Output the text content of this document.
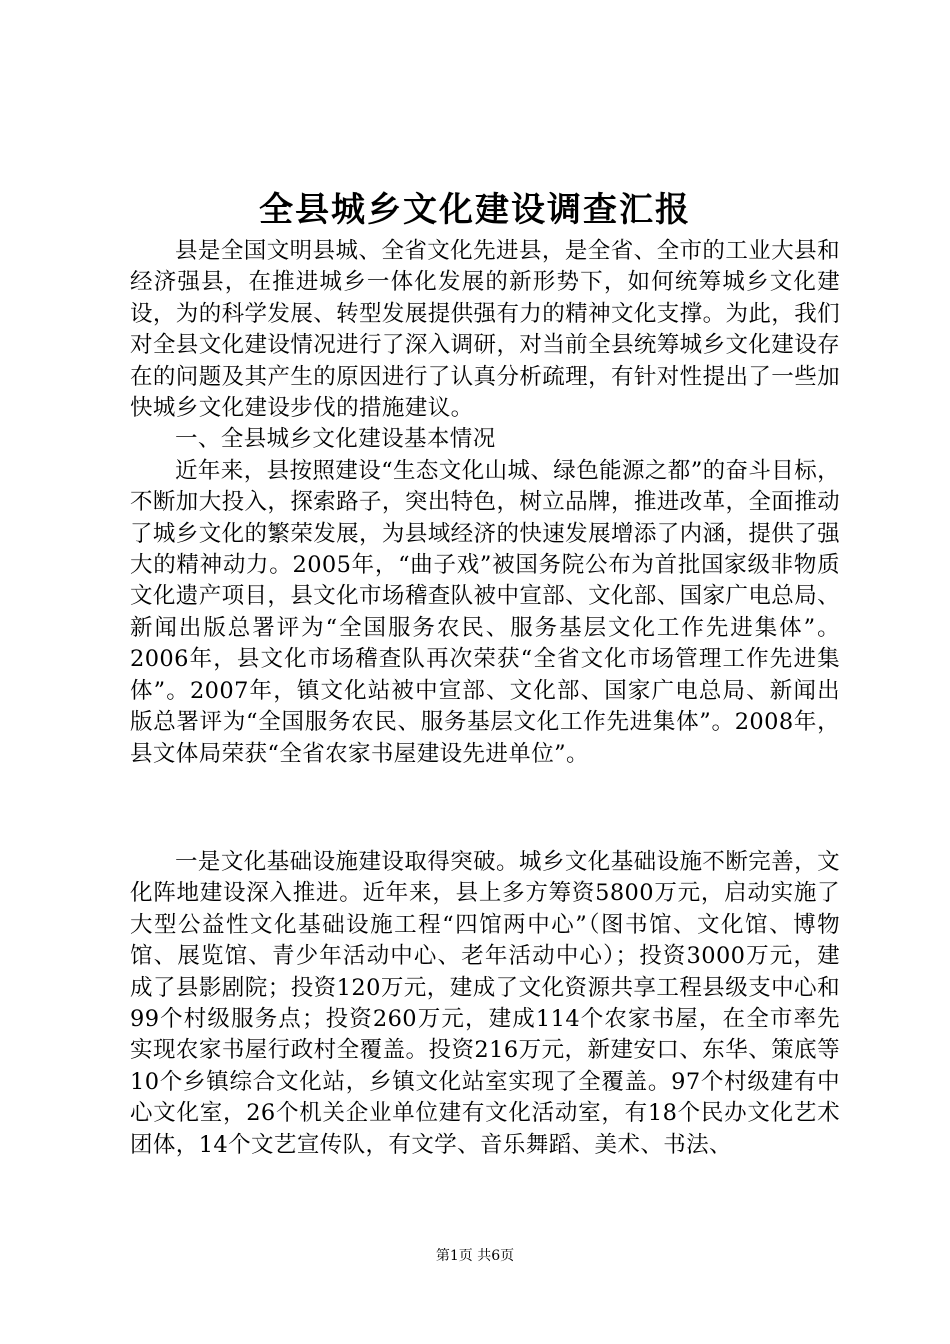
全县城乡文化建设调查汇报

县是全国文明县城、全省文化先进县，是全省、全市的工业大县和经济强县，在推进城乡一体化发展的新形势下，如何统筹城乡文化建设，为的科学发展、转型发展提供强有力的精神文化支撑。为此，我们对全县文化建设情况进行了深入调研，对当前全县统筹城乡文化建设存在的问题及其产生的原因进行了认真分析疏理，有针对性提出了一些加快城乡文化建设步伐的措施建议。

一、全县城乡文化建设基本情况

近年来，县按照建设“生态文化山城、绿色能源之都”的奋斗目标，不断加大投入，探索路子，突出特色，树立品牌，推进改革，全面推动了城乡文化的繁荣发展，为县域经济的快速发展增添了内涵，提供了强大的精神动力。2005年，“曲子戏”被国务院公布为首批国家级非物质文化遗产项目，县文化市场稽查队被中宣部、文化部、国家广电总局、新闻出版总署评为“全国服务农民、服务基层文化工作先进集体”。2006年，县文化市场稽查队再次荣获“全省文化市场管理工作先进集体”。2007年，镇文化站被中宣部、文化部、国家广电总局、新闻出版总署评为“全国服务农民、服务基层文化工作先进集体”。2008年，县文体局荣获“全省农家书屋建设先进单位”。

一是文化基础设施建设取得突破。城乡文化基础设施不断完善，文化阵地建设深入推进。近年来，县上多方筹资5800万元，启动实施了大型公益性文化基础设施工程“四馆两中心”（图书馆、文化馆、博物馆、展览馆、青少年活动中心、老年活动中心）；投资3000万元，建成了县影剧院；投资120万元，建成了文化资源共享工程县级支中心和99个村级服务点；投资260万元，建成114个农家书屋，在全市率先实现农家书屋行政村全覆盖。投资216万元，新建安口、东华、策底等10个乡镇综合文化站，乡镇文化站室实现了全覆盖。97个村级建有中心文化室，26个机关企业单位建有文化活动室，有18个民办文化艺术团体，14个文艺宣传队，有文学、音乐舞蹈、美术、书法、

第1页 共6页
